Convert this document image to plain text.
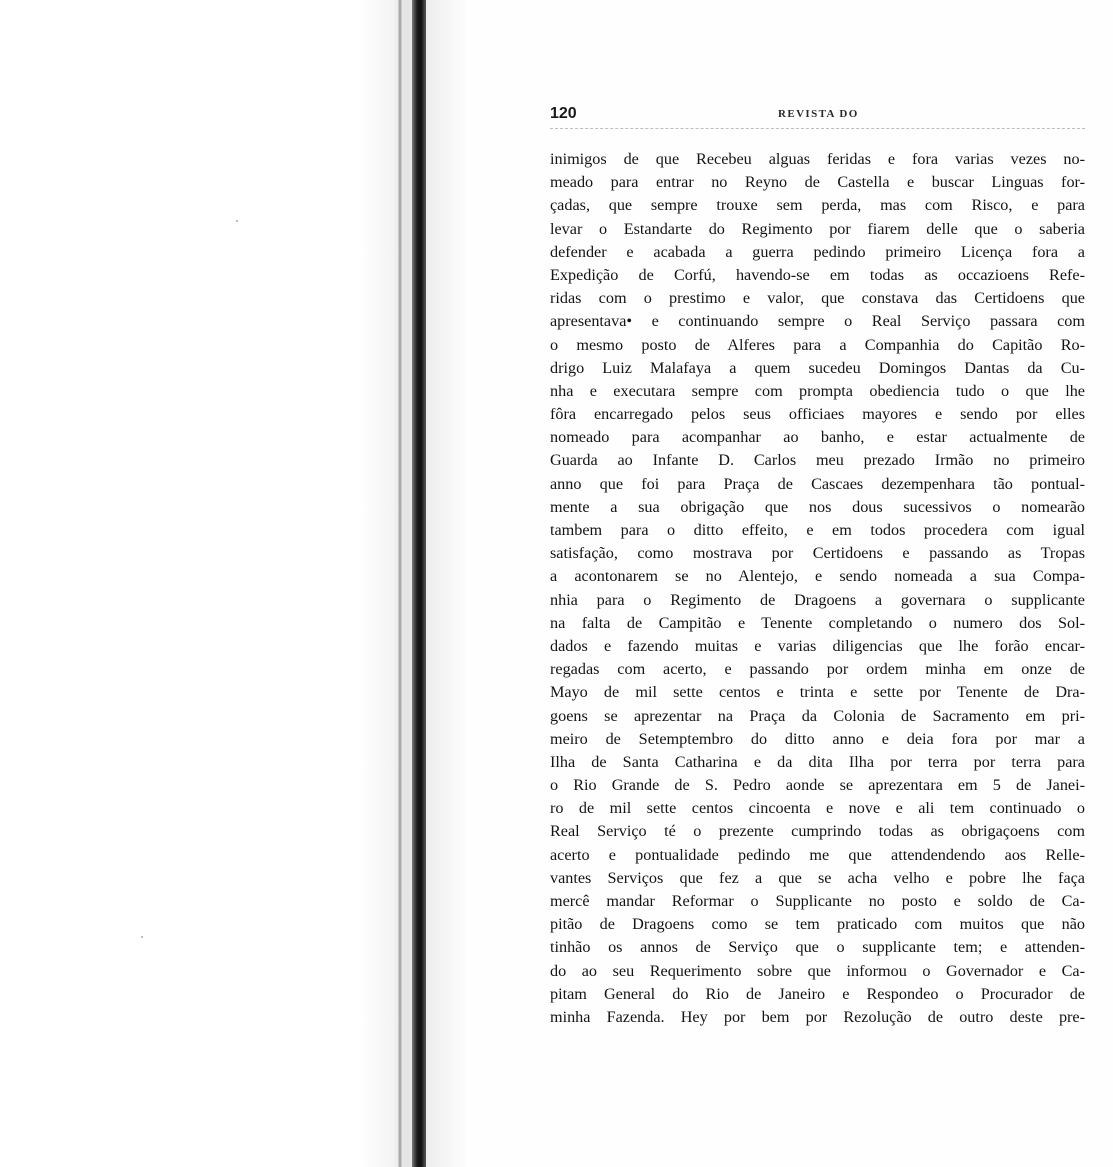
120	REVISTA DO
inimigos de que Recebeu alguas feridas e fora varias vezes no-
meado para entrar no Reyno de Castella e buscar Linguas for-
çadas, que sempre trouxe sem perda, mas com Risco, e para
levar o Estandarte do Regimento por fiarem delle que o saberia
defender e acabada a guerra pedindo primeiro Licença fora a
Expedição de Corfú, havendo-se em todas as occazioens Refe-
ridas com o prestimo e valor, que constava das Certidoens que
apresentava• e continuando sempre o Real Serviço passara com
o mesmo posto de Alferes para a Companhia do Capitão Ro-
drigo Luiz Malafaya a quem sucedeu Domingos Dantas da Cu-
nha e executara sempre com prompta obediencia tudo o que lhe
fôra encarregado pelos seus officiaes mayores e sendo por elles
nomeado para acompanhar ao banho, e estar actualmente de
Guarda ao Infante D. Carlos meu prezado Irmão no primeiro
anno que foi para Praça de Cascaes dezempenhara tão pontual-
mente a sua obrigação que nos dous sucessivos o nomearão
tambem para o ditto effeito, e em todos procedera com igual
satisfação, como mostrava por Certidoens e passando as Tropas
a acontonarem se no Alentejo, e sendo nomeada a sua Compa-
nhia para o Regimento de Dragoens a governara o supplicante
na falta de Campitão e Tenente completando o numero dos Sol-
dados e fazendo muitas e varias diligencias que lhe forão encar-
regadas com acerto, e passando por ordem minha em onze de
Mayo de mil sette centos e trinta e sette por Tenente de Dra-
goens se aprezentar na Praça da Colonia de Sacramento em pri-
meiro de Setemptembro do ditto anno e deia fora por mar a
Ilha de Santa Catharina e da dita Ilha por terra por terra para
o Rio Grande de S. Pedro aonde se aprezentara em 5 de Janei-
ro de mil sette centos cincoenta e nove e ali tem continuado o
Real Serviço té o prezente cumprindo todas as obrigaçoens com
acerto e pontualidade pedindo me que attendendendo aos Relle-
vantes Serviços que fez a que se acha velho e pobre lhe faça
mercê mandar Reformar o Supplicante no posto e soldo de Ca-
pitão de Dragoens como se tem praticado com muitos que não
tinhão os annos de Serviço que o supplicante tem; e attenden-
do ao seu Requerimento sobre que informou o Governador e Ca-
pitam General do Rio de Janeiro e Respondeo o Procurador de
minha Fazenda. Hey por bem por Rezolução de outro deste pre-
